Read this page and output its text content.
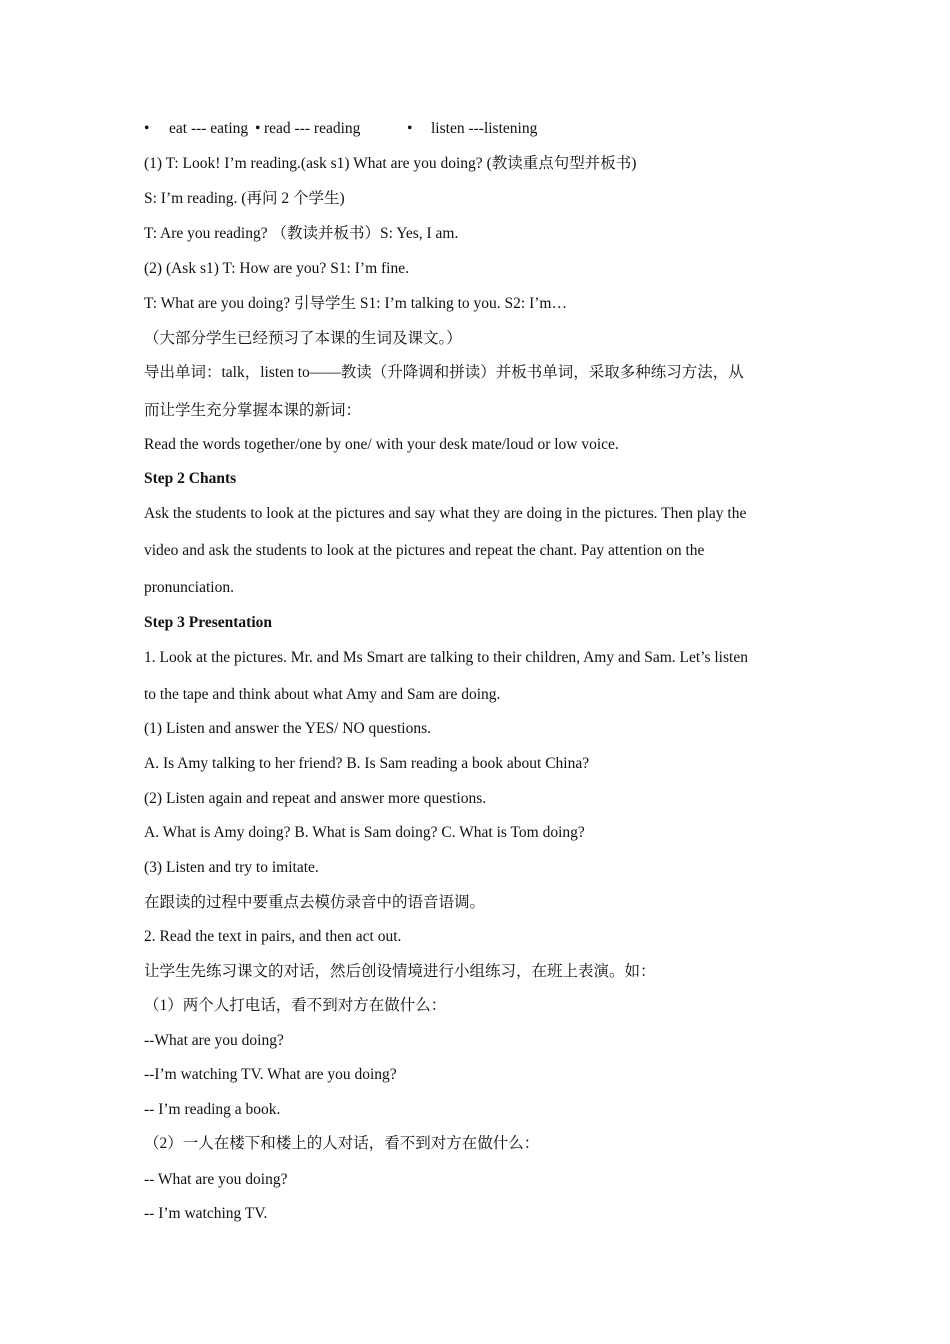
• eat --- eating • read --- reading	• listen ---listening
(1) T: Look! I’m reading.(ask s1) What are you doing? (教读重点句型并板书)
S: I’m reading. (再问 2 个学生)
T: Are you reading? （教读并板书）S: Yes, I am.
(2) (Ask s1) T: How are you? S1: I’m fine.
T: What are you doing? 引导学生 S1: I’m talking to you. S2: I’m…
（大部分学生已经预习了本课的生词及课文。）
导出单词：talk，listen to——教读（升降调和拼读）并板书单词，采取多种练习方法，从
而让学生充分掌握本课的新词：
Read the words together/one by one/ with your desk mate/loud or low voice.
Step 2 Chants
Ask the students to look at the pictures and say what they are doing in the pictures. Then play the
video and ask the students to look at the pictures and repeat the chant. Pay attention on the
pronunciation.
Step 3 Presentation
1. Look at the pictures. Mr. and Ms Smart are talking to their children, Amy and Sam. Let’s listen
to the tape and think about what Amy and Sam are doing.
(1) Listen and answer the YES/ NO questions.
A. Is Amy talking to her friend? B. Is Sam reading a book about China?
(2) Listen again and repeat and answer more questions.
A. What is Amy doing? B. What is Sam doing? C. What is Tom doing?
(3) Listen and try to imitate.
在跟读的过程中要重点去模仿录音中的语音语调。
2. Read the text in pairs, and then act out.
让学生先练习课文的对话，然后创设情境进行小组练习，在班上表演。如：
（1）两个人打电话，看不到对方在做什么：
--What are you doing?
--I’m watching TV. What are you doing?
-- I’m reading a book.
（2）一人在楼下和楼上的人对话，看不到对方在做什么：
-- What are you doing?
-- I’m watching TV.
